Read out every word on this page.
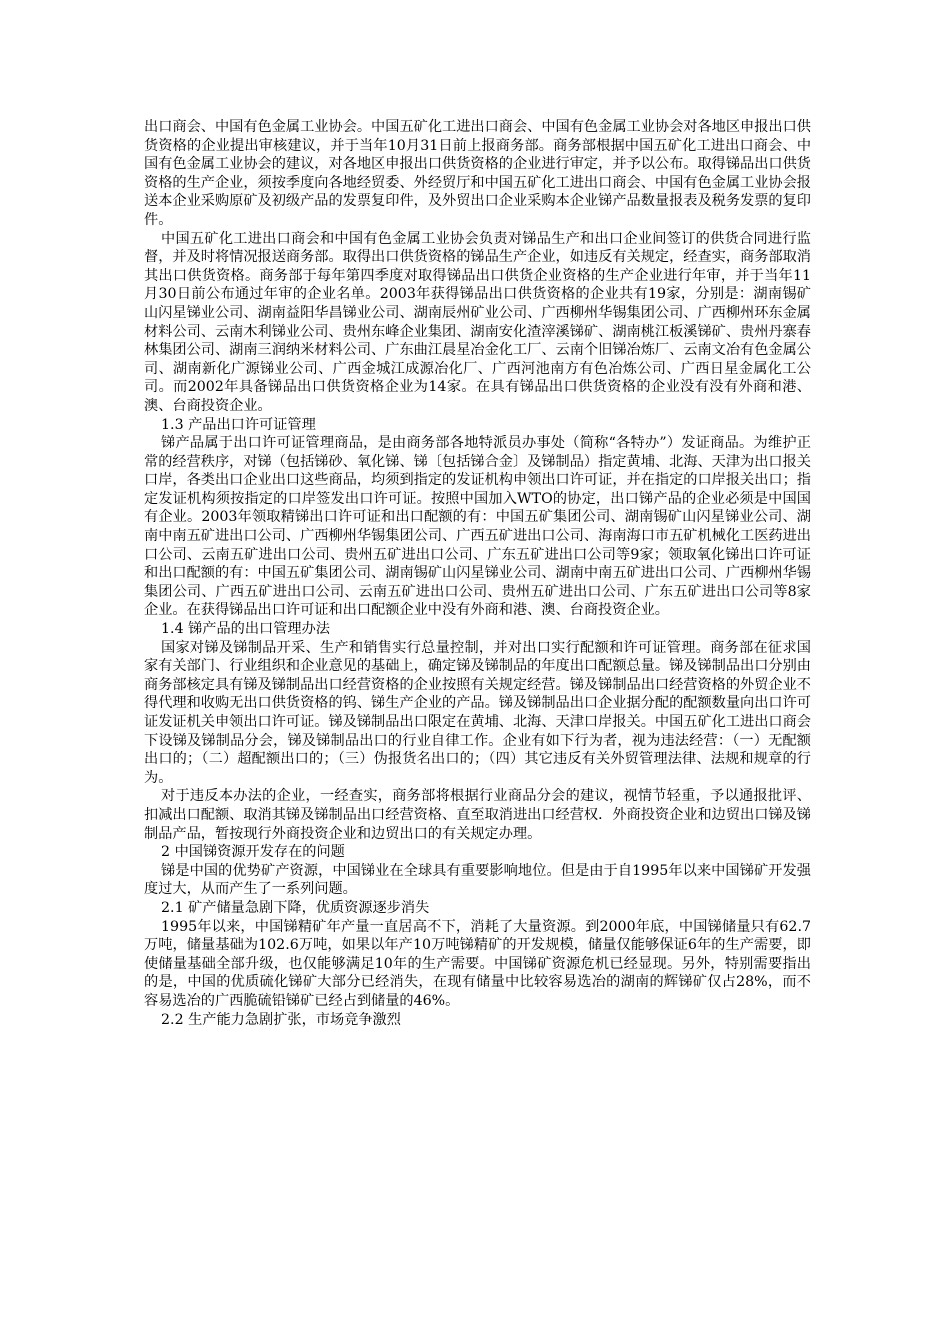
出口商会、中国有色金属工业协会。中国五矿化工进出口商会、中国有色金属工业协会对各地区申报出口供货资格的企业提出审核建议，并于当年10月31日前上报商务部。商务部根据中国五矿化工进出口商会、中国有色金属工业协会的建议，对各地区申报出口供货资格的企业进行审定，并予以公布。取得锑品出口供货资格的生产企业，须按季度向各地经贸委、外经贸厅和中国五矿化工进出口商会、中国有色金属工业协会报送本企业采购原矿及初级产品的发票复印件，及外贸出口企业采购本企业锑产品数量报表及税务发票的复印件。

中国五矿化工进出口商会和中国有色金属工业协会负责对锑品生产和出口企业间签订的供货合同进行监督，并及时将情况报送商务部。取得出口供货资格的锑品生产企业，如违反有关规定，经查实，商务部取消其出口供货资格。商务部于每年第四季度对取得锑品出口供货企业资格的生产企业进行年审，并于当年11月30日前公布通过年审的企业名单。2003年获得锑品出口供货资格的企业共有19家，分别是：湖南锡矿山闪星锑业公司、湖南益阳华昌锑业公司、湖南辰州矿业公司、广西柳州华锡集团公司、广西柳州环东金属材料公司、云南木利锑业公司、贵州东峰企业集团、湖南安化渣滓溪锑矿、湖南桃江板溪锑矿、贵州丹寨春林集团公司、湖南三润纳米材料公司、广东曲江晨星冶金化工厂、云南个旧锑冶炼厂、云南文冶有色金属公司、湖南新化广源锑业公司、广西金城江成源冶化厂、广西河池南方有色冶炼公司、广西日星金属化工公司。而2002年具备锑品出口供货资格企业为14家。在具有锑品出口供货资格的企业没有没有外商和港、澳、台商投资企业。

1.3 产品出口许可证管理

锑产品属于出口许可证管理商品，是由商务部各地特派员办事处（简称“各特办”）发证商品。为维护正常的经营秩序，对锑（包括锑砂、氧化锑、锑〔包括锑合金〕及锑制品）指定黄埔、北海、天津为出口报关口岸，各类出口企业出口这些商品，均须到指定的发证机构申领出口许可证，并在指定的口岸报关出口；指定发证机构须按指定的口岸签发出口许可证。按照中国加入WTO的协定，出口锑产品的企业必须是中国国有企业。2003年领取精锑出口许可证和出口配额的有：中国五矿集团公司、湖南锡矿山闪星锑业公司、湖南中南五矿进出口公司、广西柳州华锡集团公司、广西五矿进出口公司、海南海口市五矿机械化工医药进出口公司、云南五矿进出口公司、贵州五矿进出口公司、广东五矿进出口公司等9家；领取氧化锑出口许可证和出口配额的有：中国五矿集团公司、湖南锡矿山闪星锑业公司、湖南中南五矿进出口公司、广西柳州华锡集团公司、广西五矿进出口公司、云南五矿进出口公司、贵州五矿进出口公司、广东五矿进出口公司等8家企业。在获得锑品出口许可证和出口配额企业中没有外商和港、澳、台商投资企业。

1.4 锑产品的出口管理办法

国家对锑及锑制品开采、生产和销售实行总量控制，并对出口实行配额和许可证管理。商务部在征求国家有关部门、行业组织和企业意见的基础上，确定锑及锑制品的年度出口配额总量。锑及锑制品出口分别由商务部核定具有锑及锑制品出口经营资格的企业按照有关规定经营。锑及锑制品出口经营资格的外贸企业不得代理和收购无出口供货资格的钨、锑生产企业的产品。锑及锑制品出口企业据分配的配额数量向出口许可证发证机关申领出口许可证。锑及锑制品出口限定在黄埔、北海、天津口岸报关。中国五矿化工进出口商会下设锑及锑制品分会，锑及锑制品出口的行业自律工作。企业有如下行为者，视为违法经营：（一）无配额出口的；（二）超配额出口的；（三）伪报货名出口的；（四）其它违反有关外贸管理法律、法规和规章的行为。

对于违反本办法的企业，一经查实，商务部将根据行业商品分会的建议，视情节轻重，予以通报批评、扣减出口配额、取消其锑及锑制品出口经营资格、直至取消进出口经营权．外商投资企业和边贸出口锑及锑制品产品，暂按现行外商投资企业和边贸出口的有关规定办理。

2 中国锑资源开发存在的问题

锑是中国的优势矿产资源，中国锑业在全球具有重要影响地位。但是由于自1995年以来中国锑矿开发强度过大，从而产生了一系列问题。

2.1 矿产储量急剧下降，优质资源逐步消失

1995年以来，中国锑精矿年产量一直居高不下，消耗了大量资源。到2000年底，中国锑储量只有62.7万吨，储量基础为102.6万吨，如果以年产10万吨锑精矿的开发规模，储量仅能够保证6年的生产需要，即使储量基础全部升级，也仅能够满足10年的生产需要。中国锑矿资源危机已经显现。另外，特别需要指出的是，中国的优质硫化锑矿大部分已经消失，在现有储量中比较容易选冶的湖南的辉锑矿仅占28%，而不容易选冶的广西脆硫铅锑矿已经占到储量的46%。

2.2 生产能力急剧扩张，市场竞争激烈
